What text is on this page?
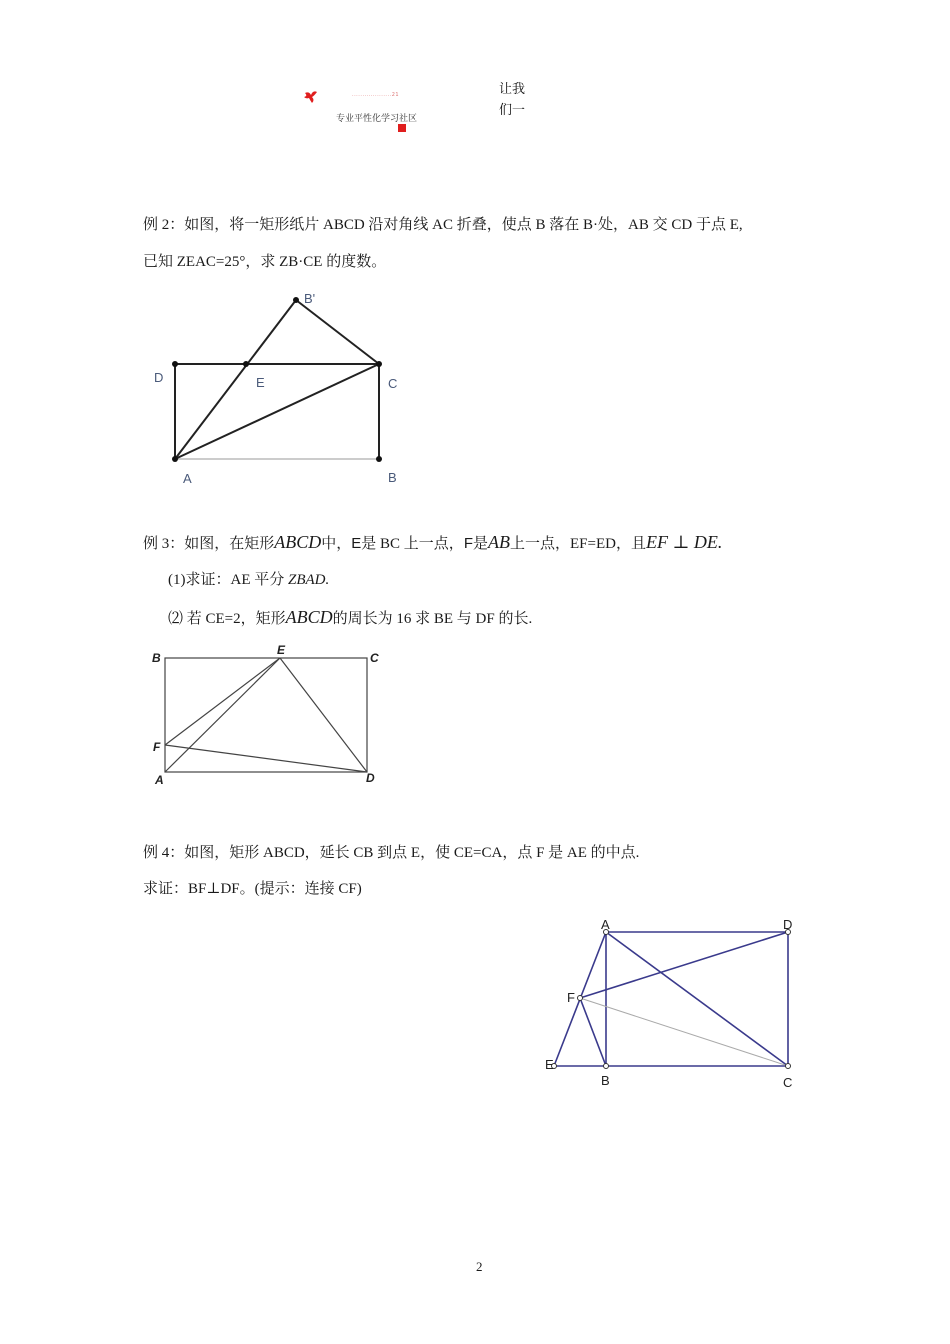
...................21
专业平性化学习社区
让我
们一
例 2：如图，将一矩形纸片 ABCD 沿对角线 AC 折叠，使点 B 落在 B·处，AB 交 CD 于点 E,
已知 ZEAC=25°，求 ZB·CE 的度数。
B'
D	E	C
A	B
例 3：如图，在矩形ABCD中，E是 BC 上一点，F是AB上一点，EF=ED，且EF ⊥ DE.
(1)求证：AE 平分 ZBAD.
⑵ 若 CE=2，矩形ABCD的周长为 16 求 BE 与 DF 的长.
B
E
C
F
A	D
例 4：如图，矩形 ABCD，延长 CB 到点 E，使 CE=CA，点 F 是 AE 的中点.
求证：BF⊥DF。(提示：连接 CF)
A	D
F
E
B	C
2
